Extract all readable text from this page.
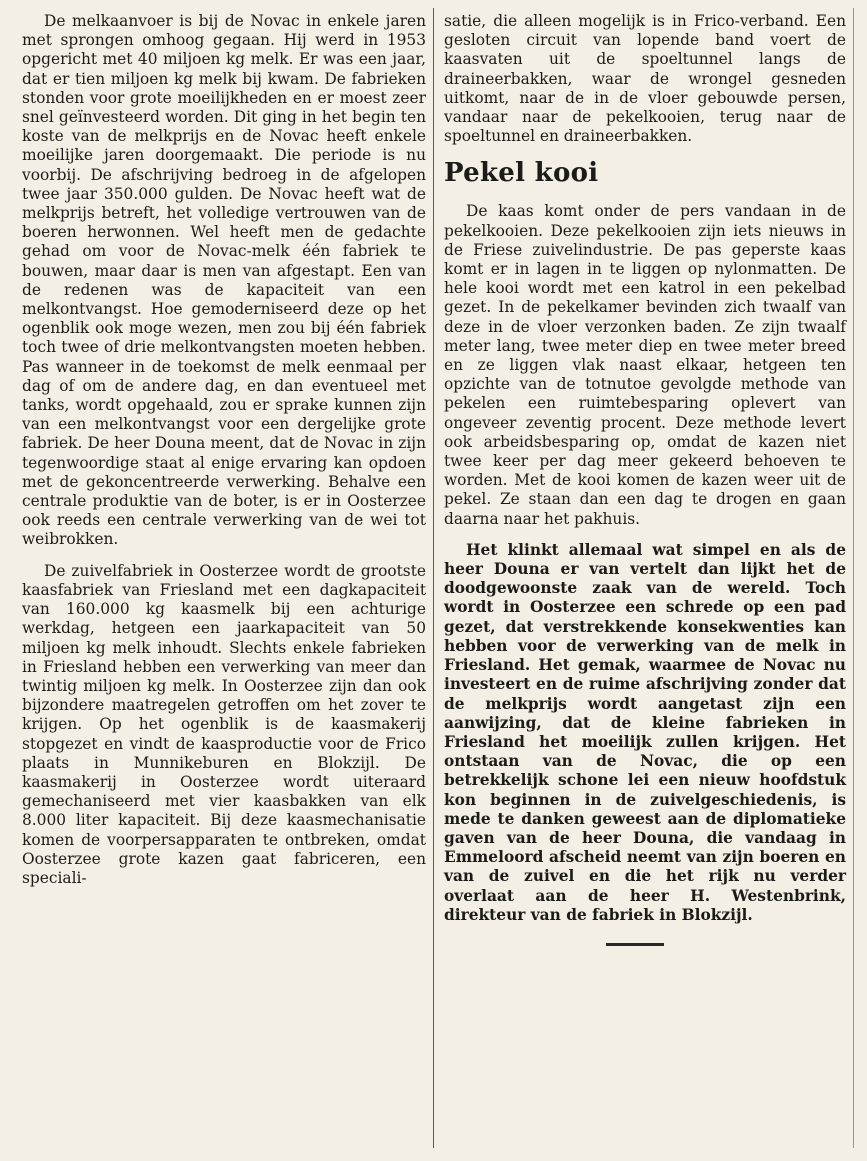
De melkaanvoer is bij de Novac in enkele jaren met sprongen omhoog gegaan. Hij werd in 1953 opgericht met 40 miljoen kg melk. Er was een jaar, dat er tien miljoen kg melk bij kwam. De fabrieken stonden voor grote moeilijkheden en er moest zeer snel geïnvesteerd worden. Dit ging in het begin ten koste van de melkprijs en de Novac heeft enkele moeilijke jaren doorgemaakt. Die periode is nu voorbij. De afschrijving bedroeg in de afgelopen twee jaar 350.000 gulden. De Novac heeft wat de melkprijs betreft, het volledige vertrouwen van de boeren herwonnen. Wel heeft men de gedachte gehad om voor de Novac-melk één fabriek te bouwen, maar daar is men van afgestapt. Een van de redenen was de kapaciteit van een melkontvangst. Hoe gemoderniseerd deze op het ogenblik ook moge wezen, men zou bij één fabriek toch twee of drie melkontvangsten moeten hebben. Pas wanneer in de toekomst de melk eenmaal per dag of om de andere dag, en dan eventueel met tanks, wordt opgehaald, zou er sprake kunnen zijn van een melkontvangst voor een dergelijke grote fabriek. De heer Douna meent, dat de Novac in zijn tegenwoordige staat al enige ervaring kan opdoen met de gekoncentreerde verwerking. Behalve een centrale produktie van de boter, is er in Oosterzee ook reeds een centrale verwerking van de wei tot weibrokken.

De zuivelfabriek in Oosterzee wordt de grootste kaasfabriek van Friesland met een dagkapaciteit van 160.000 kg kaasmelk bij een achturige werkdag, hetgeen een jaarkapaciteit van 50 miljoen kg melk inhoudt. Slechts enkele fabrieken in Friesland hebben een verwerking van meer dan twintig miljoen kg melk. In Oosterzee zijn dan ook bijzondere maatregelen getroffen om het zover te krijgen. Op het ogenblik is de kaasmakerij stopgezet en vindt de kaasproductie voor de Frico plaats in Munnikeburen en Blokzijl. De kaasmakerij in Oosterzee wordt uiteraard gemechaniseerd met vier kaasbakken van elk 8.000 liter kapaciteit. Bij deze kaasmechanisatie komen de voorpersapparaten te ontbreken, omdat Oosterzee grote kazen gaat fabriceren, een speciali-

satie, die alleen mogelijk is in Frico-verband. Een gesloten circuit van lopende band voert de kaasvaten uit de spoeltunnel langs de draineerbakken, waar de wrongel gesneden uitkomt, naar de in de vloer gebouwde persen, vandaar naar de pekelkooien, terug naar de spoeltunnel en draineerbakken.

Pekel kooi

De kaas komt onder de pers vandaan in de pekelkooien. Deze pekelkooien zijn iets nieuws in de Friese zuivelindustrie. De pas geperste kaas komt er in lagen in te liggen op nylonmatten. De hele kooi wordt met een katrol in een pekelbad gezet. In de pekelkamer bevinden zich twaalf van deze in de vloer verzonken baden. Ze zijn twaalf meter lang, twee meter diep en twee meter breed en ze liggen vlak naast elkaar, hetgeen ten opzichte van de totnutoe gevolgde methode van pekelen een ruimtebesparing oplevert van ongeveer zeventig procent. Deze methode levert ook arbeidsbesparing op, omdat de kazen niet twee keer per dag meer gekeerd behoeven te worden. Met de kooi komen de kazen weer uit de pekel. Ze staan dan een dag te drogen en gaan daarna naar het pakhuis.

Het klinkt allemaal wat simpel en als de heer Douna er van vertelt dan lijkt het de doodgewoonste zaak van de wereld. Toch wordt in Oosterzee een schrede op een pad gezet, dat verstrekkende konsekwenties kan hebben voor de verwerking van de melk in Friesland. Het gemak, waarmee de Novac nu investeert en de ruime afschrijving zonder dat de melkprijs wordt aangetast zijn een aanwijzing, dat de kleine fabrieken in Friesland het moeilijk zullen krijgen. Het ontstaan van de Novac, die op een betrekkelijk schone lei een nieuw hoofdstuk kon beginnen in de zuivelgeschiedenis, is mede te danken geweest aan de diplomatieke gaven van de heer Douna, die vandaag in Emmeloord afscheid neemt van zijn boeren en van de zuivel en die het rijk nu verder overlaat aan de heer H. Westenbrink, direkteur van de fabriek in Blokzijl.
